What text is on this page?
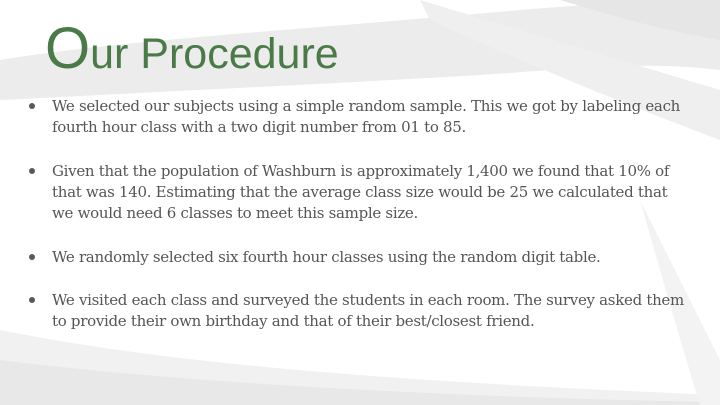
Our Procedure
We selected our subjects using a simple random sample. This we got by labeling each fourth hour class with a two digit number from 01 to 85.
Given that the population of Washburn is approximately 1,400 we found that 10% of that was 140. Estimating that the average class size would be 25 we calculated that we would need 6 classes to meet this sample size.
We randomly selected six fourth hour classes using the random digit table.
We visited each class and surveyed the students in each room. The survey asked them to provide their own birthday and that of their best/closest friend.
